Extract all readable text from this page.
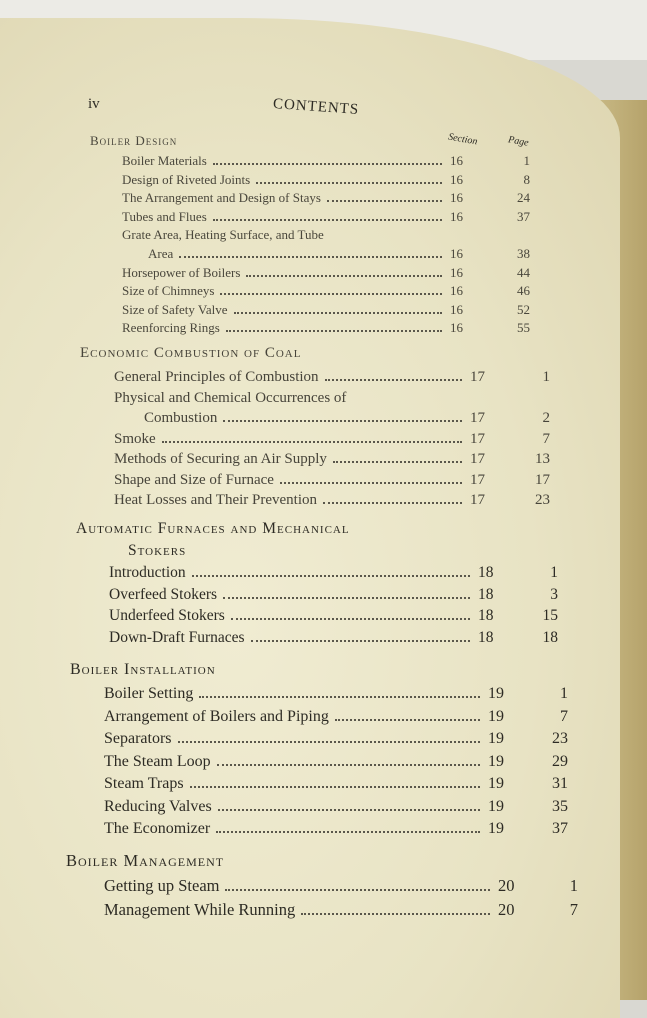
iv	CONTENTS
Section	Page
Boiler Design
Boiler Materials	16	1
Design of Riveted Joints	16	8
The Arrangement and Design of Stays	16	24
Tubes and Flues	16	37
Grate Area, Heating Surface, and Tube
Area	16	38
Horsepower of Boilers	16	44
Size of Chimneys	16	46
Size of Safety Valve	16	52
Reenforcing Rings	16	55
Economic Combustion of Coal
General Principles of Combustion	17	1
Physical and Chemical Occurrences of
Combustion	17	2
Smoke	17	7
Methods of Securing an Air Supply	17	13
Shape and Size of Furnace	17	17
Heat Losses and Their Prevention	17	23
Automatic Furnaces and Mechanical
Stokers
Introduction	18	1
Overfeed Stokers	18	3
Underfeed Stokers	18	15
Down-Draft Furnaces	18	18
Boiler Installation
Boiler Setting	19	1
Arrangement of Boilers and Piping	19	7
Separators	19	23
The Steam Loop	19	29
Steam Traps	19	31
Reducing Valves	19	35
The Economizer	19	37
Boiler Management
Getting up Steam	20	1
Management While Running	20	7
